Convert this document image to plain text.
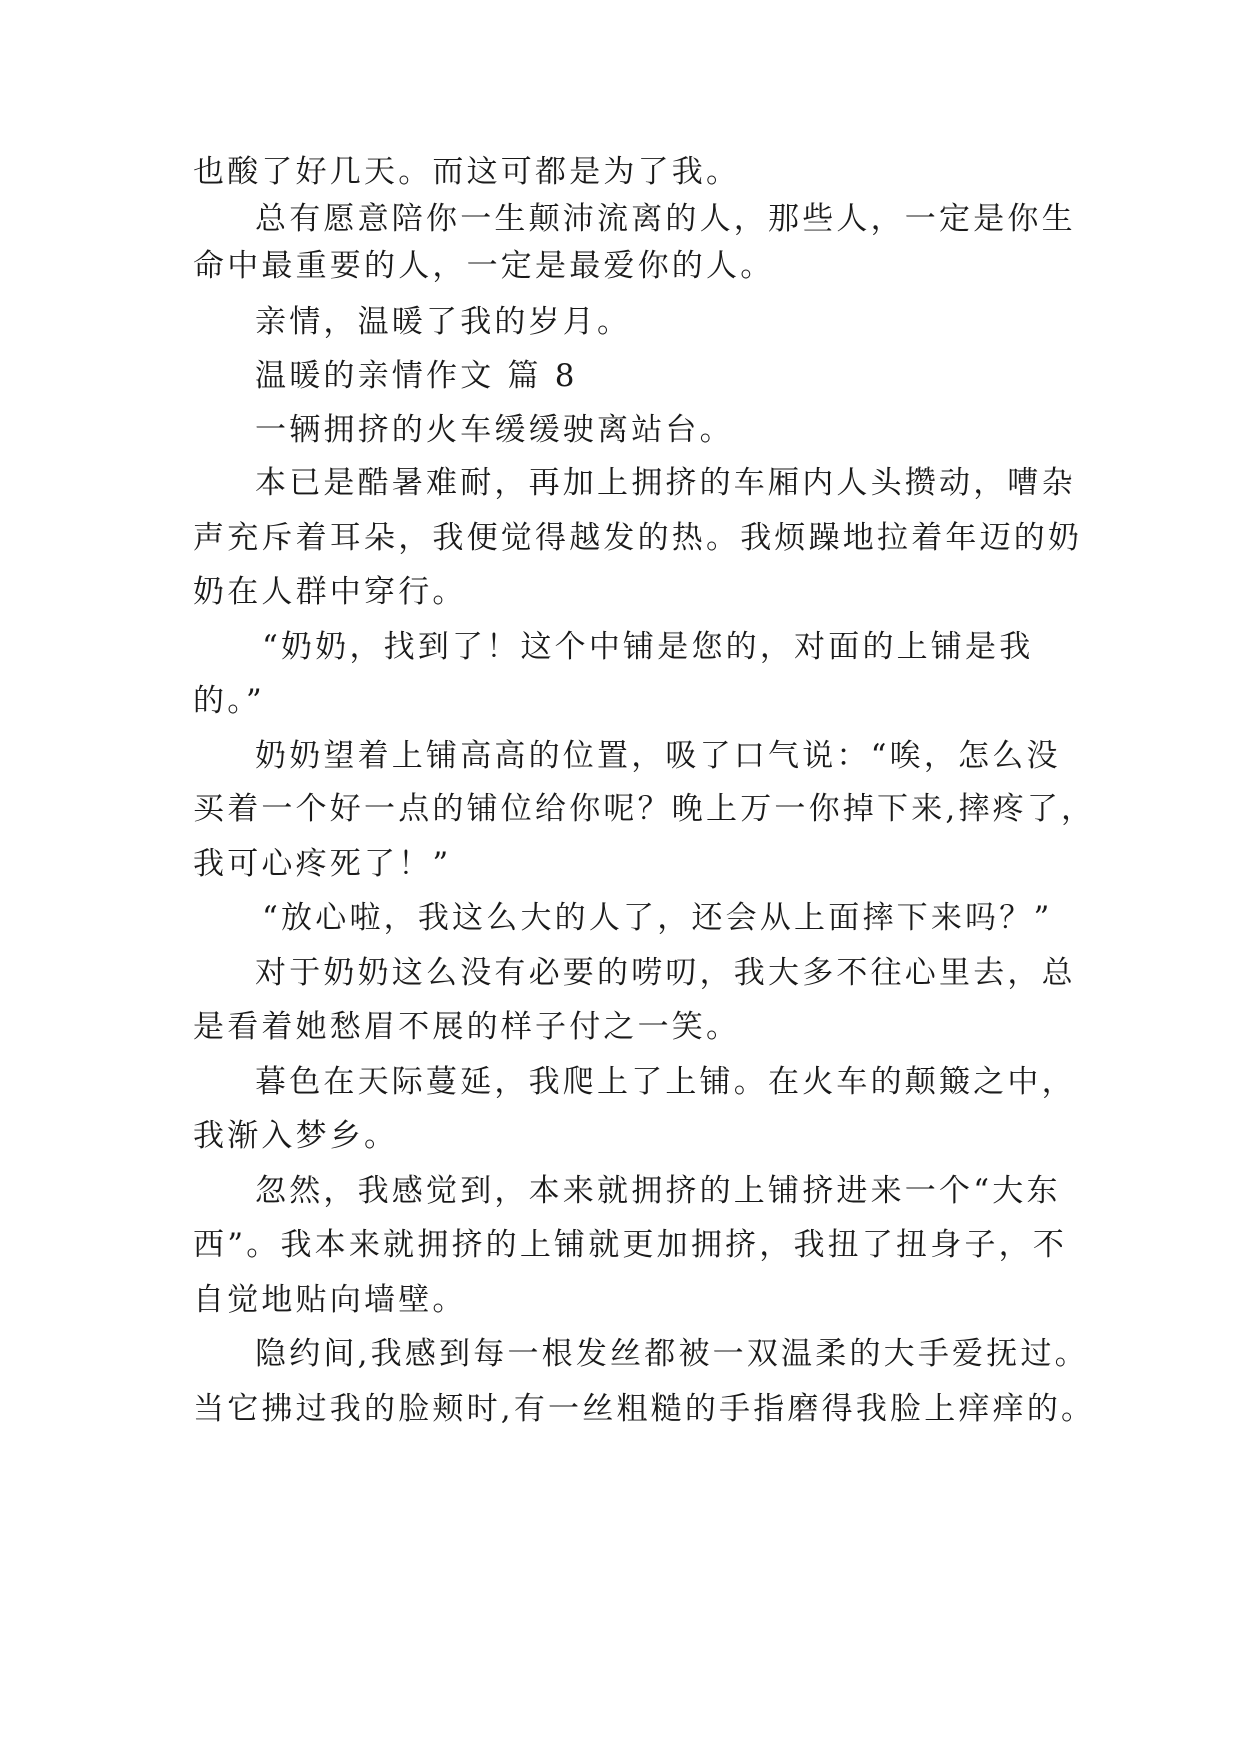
也酸了好几天。而这可都是为了我。
总有愿意陪你一生颠沛流离的人，那些人，一定是你生
命中最重要的人，一定是最爱你的人。
亲情，温暖了我的岁月。
温暖的亲情作文 篇 8
一辆拥挤的火车缓缓驶离站台。
本已是酷暑难耐，再加上拥挤的车厢内人头攒动，嘈杂
声充斥着耳朵，我便觉得越发的热。我烦躁地拉着年迈的奶
奶在人群中穿行。
“奶奶，找到了！这个中铺是您的，对面的上铺是我
的。”
奶奶望着上铺高高的位置，吸了口气说：“唉，怎么没
买着一个好一点的铺位给你呢？晚上万一你掉下来,摔疼了，
我可心疼死了！”
“放心啦，我这么大的人了，还会从上面摔下来吗？”
对于奶奶这么没有必要的唠叨，我大多不往心里去，总
是看着她愁眉不展的样子付之一笑。
暮色在天际蔓延，我爬上了上铺。在火车的颠簸之中，
我渐入梦乡。
忽然，我感觉到，本来就拥挤的上铺挤进来一个“大东
西”。我本来就拥挤的上铺就更加拥挤，我扭了扭身子，不
自觉地贴向墙壁。
隐约间,我感到每一根发丝都被一双温柔的大手爱抚过。
当它拂过我的脸颊时,有一丝粗糙的手指磨得我脸上痒痒的。
